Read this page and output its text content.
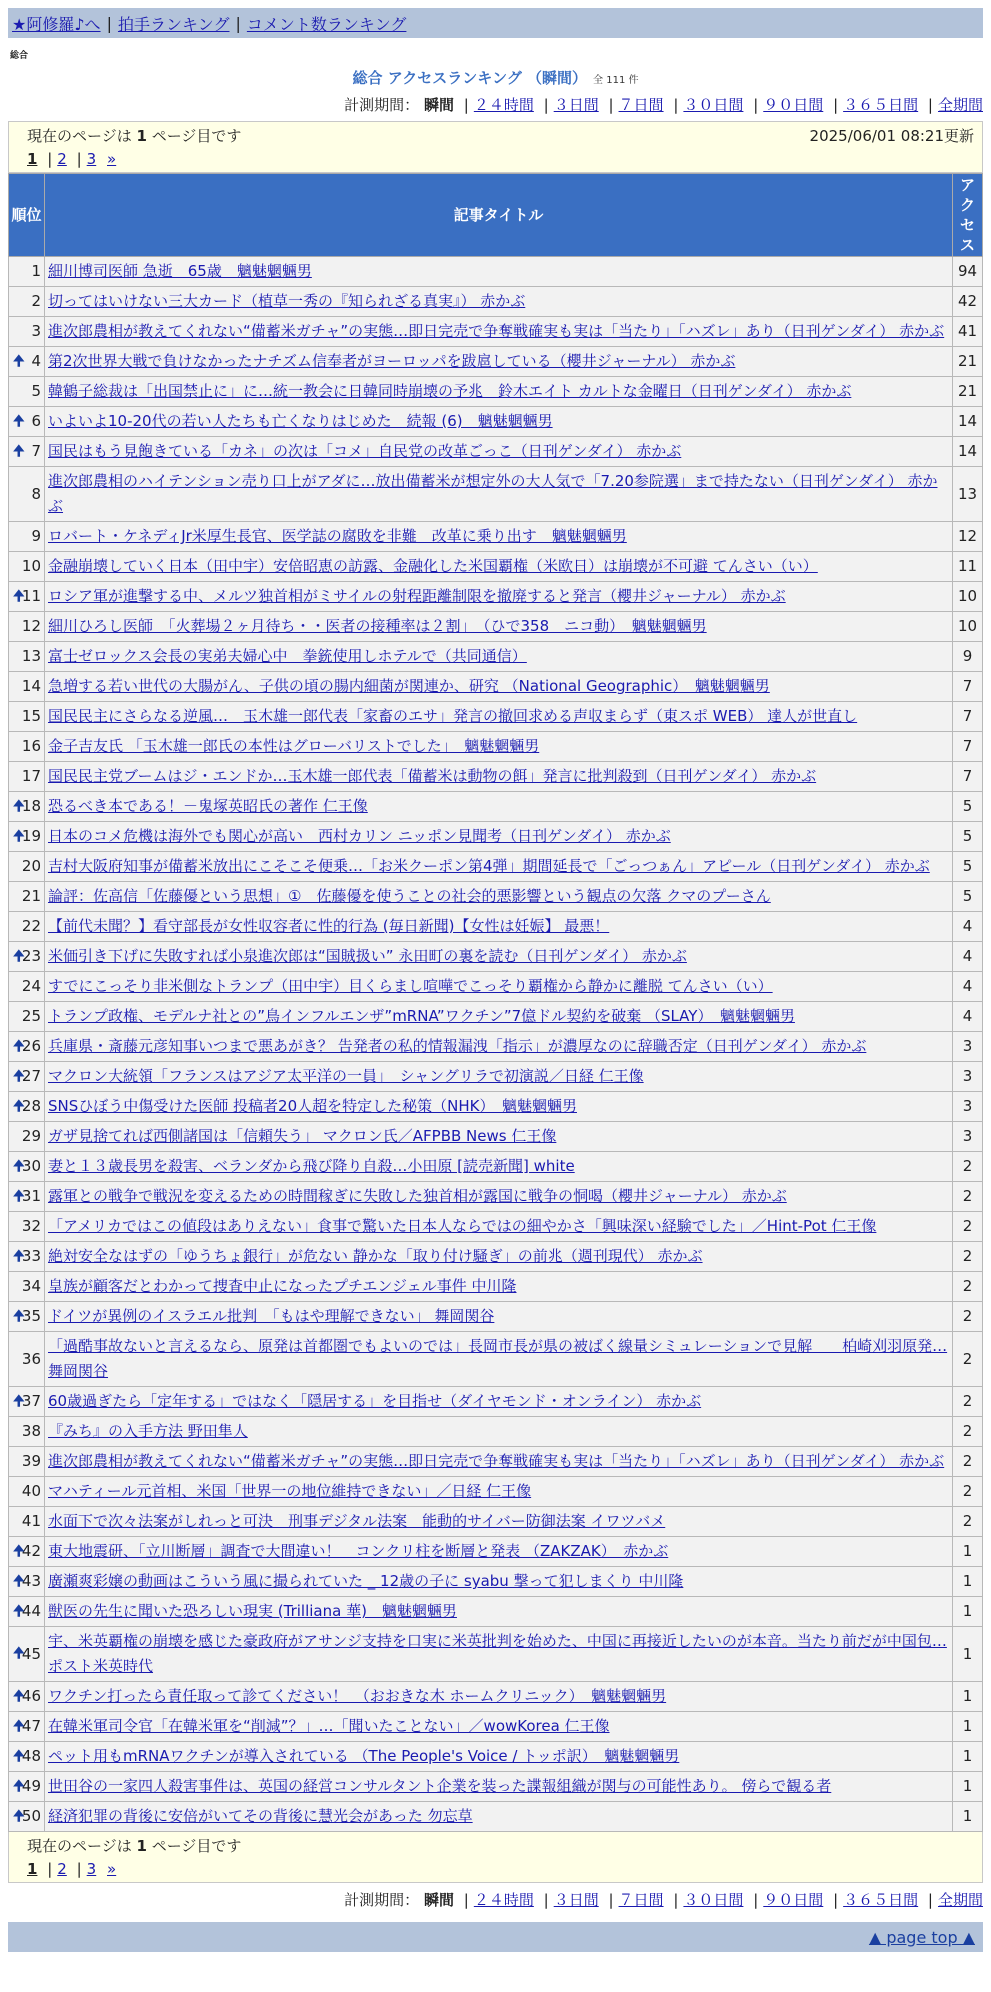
★阿修羅♪へ | 拍手ランキング | コメント数ランキング
総合
総合 アクセスランキング （瞬間） 全 111 件
計測期間： 瞬間 | ２４時間 | ３日間 | ７日間 | ３０日間 | ９０日間 | ３６５日間 | 全期間
現在のページは 1 ページ目です	2025/06/01 08:21更新
1 | 2 | 3 »
順位	記事タイトル	アクセス
1	細川博司医師 急逝　65歳　魑魅魍魎男	94
2	切ってはいけない三大カード（植草一秀の『知られざる真実』） 赤かぶ	42
3	進次郎農相が教えてくれない“備蓄米ガチャ”の実態…即日完売で争奪戦確実も実は「当たり」「ハズレ」あり（日刊ゲンダイ） 赤かぶ	41

🠉 4	第2次世界大戦で負けなかったナチズム信奉者がヨーロッパを跋扈している（櫻井ジャーナル） 赤かぶ	21
5	韓鶴子総裁は「出国禁止に」に…統一教会に日韓同時崩壊の予兆　鈴木エイト カルトな金曜日（日刊ゲンダイ） 赤かぶ	21

🠉 6	いよいよ10-20代の若い人たちも亡くなりはじめた　続報 (6)　魑魅魍魎男	14

🠉 7	国民はもう見飽きている「カネ」の次は「コメ」自民党の改革ごっこ（日刊ゲンダイ） 赤かぶ	14
8	進次郎農相のハイテンション売り口上がアダに…放出備蓄米が想定外の大人気で「7.20参院選」まで持たない（日刊ゲンダイ） 赤かぶ	13
9	ロバート・ケネディJr米厚生長官、医学誌の腐敗を非難　改革に乗り出す　魑魅魍魎男	12
10	金融崩壊していく日本（田中宇）安倍昭恵の訪露、金融化した米国覇権（米欧日）は崩壊が不可避 てんさい（い）	11

🠉
11	ロシア軍が進撃する中、メルツ独首相がミサイルの射程距離制限を撤廃すると発言（櫻井ジャーナル） 赤かぶ	10
12	細川ひろし医師　「火葬場２ヶ月待ち・・医者の接種率は２割」　（ひで358　ニコ動）　魑魅魍魎男	10
13	富士ゼロックス会長の実弟夫婦心中　拳銃使用しホテルで（共同通信）	9
14	急増する若い世代の大腸がん、子供の頃の腸内細菌が関連か、研究 （National Geographic）　魑魅魍魎男	7
15	国民民主にさらなる逆風…　玉木雄一郎代表「家畜のエサ」発言の撤回求める声収まらず（東スポ WEB） 達人が世直し	7
16	金子吉友氏 「玉木雄一郎氏の本性はグローバリストでした」　魑魅魍魎男	7
17	国民民主党ブームはジ・エンドか…玉木雄一郎代表「備蓄米は動物の餌」発言に批判殺到（日刊ゲンダイ） 赤かぶ	7

🠉
18	恐るべき本である！－鬼塚英昭氏の著作 仁王像	5

🠉
19	日本のコメ危機は海外でも関心が高い　西村カリン ニッポン見聞考（日刊ゲンダイ） 赤かぶ	5
20	吉村大阪府知事が備蓄米放出にこそこそ便乗…「お米クーポン第4弾」期間延長で「ごっつぁん」アピール（日刊ゲンダイ） 赤かぶ	5
21	論評：佐高信「佐藤優という思想」①　佐藤優を使うことの社会的悪影響という観点の欠落 クマのプーさん	5
22	【前代未聞？】看守部長が女性収容者に性的行為 (毎日新聞)【女性は妊娠】 最悪！	4

🠉
23	米価引き下げに失敗すれば小泉進次郎は“国賊扱い” 永田町の裏を読む（日刊ゲンダイ） 赤かぶ	4
24	すでにこっそり非米側なトランプ（田中宇）目くらまし喧嘩でこっそり覇権から静かに離脱 てんさい（い）	4
25	トランプ政権、モデルナ社との”鳥インフルエンザ”mRNA”ワクチン”7億ドル契約を破棄 （SLAY）　魑魅魍魎男	4

🠉
26	兵庫県・斎藤元彦知事いつまで悪あがき？ 告発者の私的情報漏洩「指示」が濃厚なのに辞職否定（日刊ゲンダイ） 赤かぶ	3

🠉
27	マクロン大統領「フランスはアジア太平洋の一員」　シャングリラで初演説／日経 仁王像	3

🠉
28	SNSひぼう中傷受けた医師 投稿者20人超を特定した秘策（NHK）　魑魅魍魎男	3
29	ガザ見捨てれば西側諸国は「信頼失う」 マクロン氏／AFPBB News 仁王像	3

🠉
30	妻と１３歳長男を殺害、ベランダから飛び降り自殺…小田原 [読売新聞] white	2

🠉
31	露軍との戦争で戦況を変えるための時間稼ぎに失敗した独首相が露国に戦争の恫喝（櫻井ジャーナル） 赤かぶ	2
32	「アメリカではこの値段はありえない」食事で驚いた日本人ならではの細やかさ「興味深い経験でした」／Hint-Pot 仁王像	2

🠉
33	絶対安全なはずの「ゆうちょ銀行」が危ない 静かな「取り付け騒ぎ」の前兆（週刊現代） 赤かぶ	2
34	皇族が顧客だとわかって捜査中止になったプチエンジェル事件 中川隆	2

🠉
35	ドイツが異例のイスラエル批判　「もはや理解できない」 舞岡関谷	2
36	「過酷事故ないと言えるなら、原発は首都圏でもよいのでは」長岡市長が県の被ばく線量シミュレーションで見解　　柏崎刈羽原発… 舞岡関谷	2

🠉
37	60歳過ぎたら「定年する」ではなく「隠居する」を目指せ（ダイヤモンド・オンライン） 赤かぶ	2
38	『みち』の入手方法 野田隼人	2
39	進次郎農相が教えてくれない“備蓄米ガチャ”の実態…即日完売で争奪戦確実も実は「当たり」「ハズレ」あり（日刊ゲンダイ） 赤かぶ	2
40	マハティール元首相、米国「世界一の地位維持できない」／日経 仁王像	2
41	水面下で次々法案がしれっと可決　刑事デジタル法案　能動的サイバー防御法案 イワツバメ	2

🠉
42	東大地震研、「立川断層」調査で大間違い！　コンクリ柱を断層と発表 （ZAKZAK）　赤かぶ	1

🠉
43	廣瀬爽彩嬢の動画はこういう風に撮られていた _ 12歳の子に syabu 撃って犯しまくり 中川隆	1

🠉
44	獣医の先生に聞いた恐ろしい現実 (Trilliana 華)　魑魅魍魎男	1

🠉
45	宇、米英覇権の崩壊を感じた豪政府がアサンジ支持を口実に米英批判を始めた、中国に再接近したいのが本音。当たり前だが中国包… ポスト米英時代	1

🠉
46	ワクチン打ったら責任取って診てください！　（おおきな木 ホームクリニック）　魑魅魍魎男	1

🠉
47	在韓米軍司令官「在韓米軍を“削減”？」…「聞いたことない」／wowKorea 仁王像	1

🠉
48	ペット用もmRNAワクチンが導入されている （The People's Voice / トッポ訳）　魑魅魍魎男	1

🠉
49	世田谷の一家四人殺害事件は、英国の経営コンサルタント企業を装った諜報組織が関与の可能性あり。 傍らで観る者	1

🠉
50	経済犯罪の背後に安倍がいてその背後に慧光会があった 勿忘草	1
現在のページは 1 ページ目です
1 | 2 | 3 »
計測期間： 瞬間 | ２４時間 | ３日間 | ７日間 | ３０日間 | ９０日間 | ３６５日間 | 全期間
▲ page top ▲
